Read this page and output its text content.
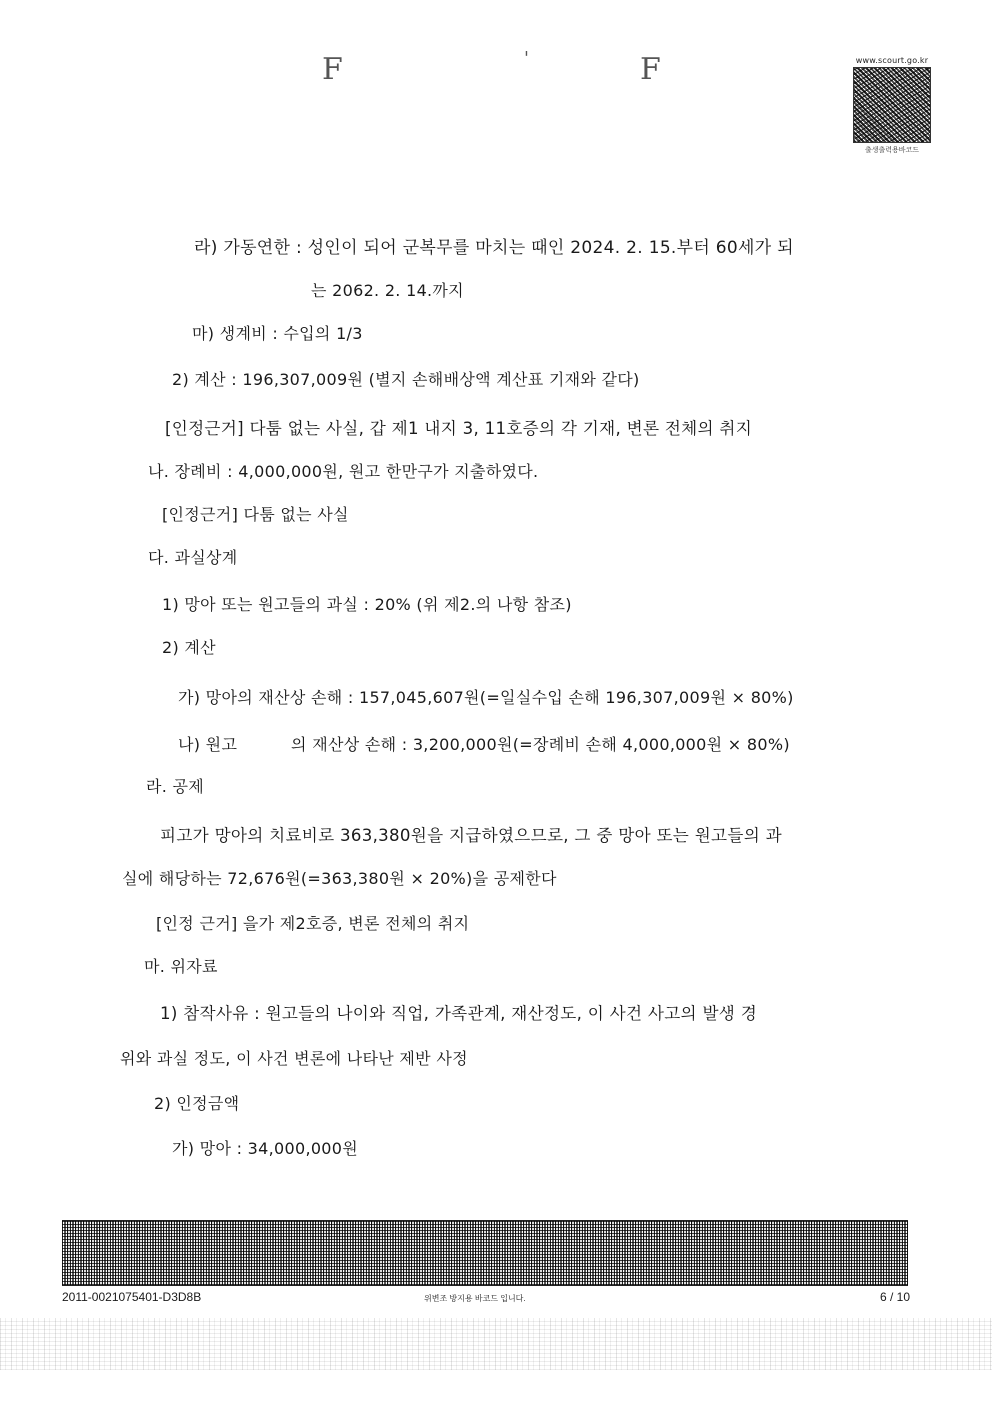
F	'	F	www.scourt.go.kr
출생출력용바코드
라) 가동연한 : 성인이 되어 군복무를 마치는 때인 2024. 2. 15.부터 60세가 되
는 2062. 2. 14.까지
마) 생계비 : 수입의 1/3
2) 계산 : 196,307,009원 (별지 손해배상액 계산표 기재와 같다)
[인정근거] 다툼 없는 사실, 갑 제1 내지 3, 11호증의 각 기재, 변론 전체의 취지
나. 장례비 : 4,000,000원, 원고 한만구가 지출하였다.
[인정근거] 다툼 없는 사실
다. 과실상계
1) 망아 또는 원고들의 과실 : 20% (위 제2.의 나항 참조)
2) 계산
가) 망아의 재산상 손해 : 157,045,607원(=일실수입 손해 196,307,009원 × 80%)
나) 원고          의 재산상 손해 : 3,200,000원(=장례비 손해 4,000,000원 × 80%)
라. 공제
피고가 망아의 치료비로 363,380원을 지급하였으므로, 그 중 망아 또는 원고들의 과
실에 해당하는 72,676원(=363,380원 × 20%)을 공제한다
[인정 근거] 을가 제2호증, 변론 전체의 취지
마. 위자료
1) 참작사유 : 원고들의 나이와 직업, 가족관계, 재산정도, 이 사건 사고의 발생 경
위와 과실 정도, 이 사건 변론에 나타난 제반 사정
2) 인정금액
가) 망아 : 34,000,000원
2011-0021075401-D3D8B	위변조 방지용 바코드 입니다.	6 / 10
